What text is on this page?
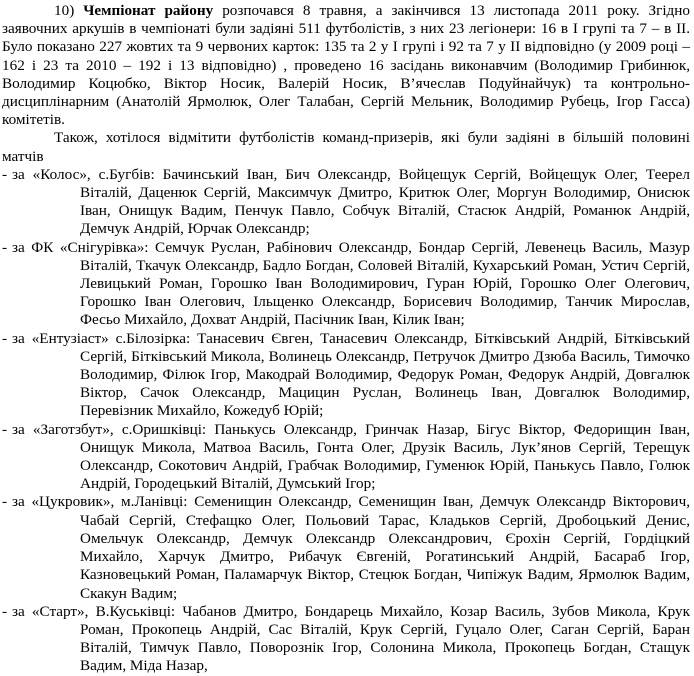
10) Чемпіонат району розпочався 8 травня, а закінчився 13 листопада 2011 року. Згідно заявочних аркушів в чемпіонаті були задіяні 511 футболістів, з них 23 легіонери: 16 в І групі та 7 – в ІІ. Було показано 227 жовтих та 9 червоних карток: 135 та 2 у І групі і 92 та 7 у ІІ відповідно (у 2009 році – 162 і 23 та 2010 – 192 і 13 відповідно) , проведено 16 засідань виконавчим (Володимир Грибинюк, Володимир Коцюбко, Віктор Носик, Валерій Носик, В’ячеслав Подуйнайчук) та контрольно-дисциплінарним (Анатолій Ярмолюк, Олег Талабан, Сергій Мельник, Володимир Рубець, Ігор Гасса) комітетів.

Також, хотілося відмітити футболістів команд-призерів, які були задіяні в більшій половині матчів

- за «Колос», с.Бугбів: Бачинський Іван, Бич Олександр, Войцещук Сергій, Войцещук Олег, Теерел Віталій, Даценюк Сергій, Максимчук Дмитро, Критюк Олег, Моргун Володимир, Онисюк Іван, Онищук Вадим, Пенчук Павло, Собчук Віталій, Стасюк Андрій, Романюк Андрій, Демчук Андрій, Юрчак Олександр;

- за ФК «Снігурівка»: Семчук Руслан, Рабінович Олександр, Бондар Сергій, Левенець Василь, Мазур Віталій, Ткачук Олександр, Бадло Богдан, Соловей Віталій, Кухарський Роман, Устич Сергій, Левицький Роман, Горошко Іван Володимирович, Гуран Юрій, Горошко Олег Олегович, Горошко Іван Олегович, Ільщенко Олександр, Борисевич Володимир, Танчик Мирослав, Фесьо Михайло, Дохват Андрій, Пасічник Іван, Кілик Іван;

- за «Ентузіаст» с.Білозірка: Танасевич Євген, Танасевич Олександр, Бітківський Андрій, Бітківський Сергій, Бітківський Микола, Волинець Олександр, Петручок Дмитро Дзюба Василь, Тимочко Володимир, Філюк Ігор, Макодрай Володимир, Федорук Роман, Федорук Андрій, Довгалюк Віктор, Сачок Олександр, Мацицин Руслан, Волинець Іван, Довгалюк Володимир, Перевізник Михайло, Кожедуб Юрій;

- за «Заготзбут», с.Оришківці: Панькусь Олександр, Гринчак Назар, Бігус Віктор, Федорищин Іван, Онищук Микола, Матвоа Василь, Гонта Олег, Друзік Василь, Лук’янов Сергій, Терещук Олександр, Сокотович Андрій, Грабчак Володимир, Гуменюк Юрій, Панькусь Павло, Голюк Андрій, Городецький Віталій, Думський Ігор;

- за «Цукровик», м.Ланівці: Семенищин Олександр, Семенищин Іван, Демчук Олександр Вікторович, Чабай Сергій, Стефащко Олег, Польовий Тарас, Кладьков Сергій, Дробоцький Денис, Омельчук Олександр, Демчук Олександр Олександрович, Єрохін Сергій, Гордіцкий Михайло, Харчук Дмитро, Рибачук Євгеній, Рогатинський Андрій, Басараб Ігор, Казновецький Роман, Паламарчук Віктор, Стецюк Богдан, Чипіжук Вадим, Ярмолюк Вадим, Скакун Вадим;

- за «Старт», В.Куськівці: Чабанов Дмитро, Бондарець Михайло, Козар Василь, Зубов Микола, Крук Роман, Прокопець Андрій, Сас Віталій, Крук Сергій, Гуцало Олег, Саган Сергій, Баран Віталій, Тимчук Павло, Поворознік Ігор, Солонина Микола, Прокопець Богдан, Стащук Вадим, Міда Назар,
